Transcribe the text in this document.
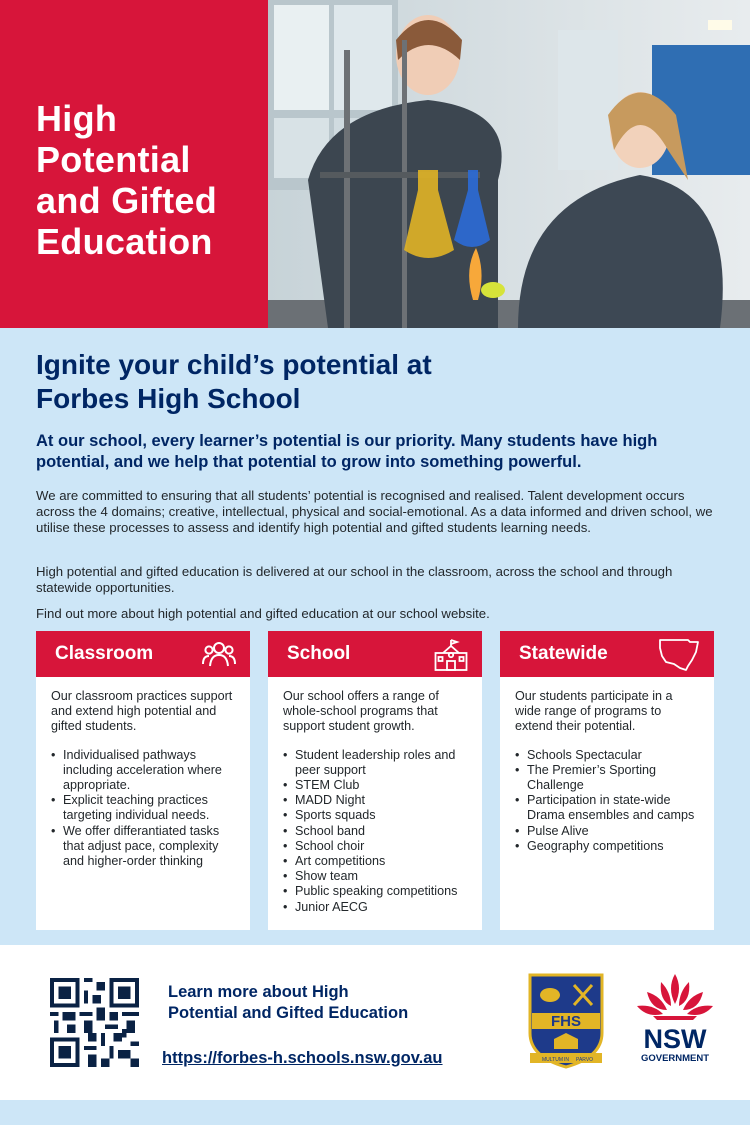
High
Potential
and Gifted
Education
Ignite your child’s potential at
Forbes High School
At our school, every learner’s potential is our priority. Many students have high potential, and we help that potential to grow into something powerful.
We are committed to ensuring that all students’ potential is recognised and realised. Talent development occurs across the 4 domains; creative, intellectual, physical and social-emotional. As a data informed and driven school, we utilise these processes to assess and identify high potential and gifted students learning needs.
High potential and gifted education is delivered at our school in the classroom, across the school and through statewide opportunities.
Find out more about high potential and gifted education at our school website.
Classroom
Our classroom practices support and extend high potential and gifted students.
• Individualised pathways including acceleration where appropriate.
• Explicit teaching practices targeting individual needs.
• We offer differantiated tasks that adjust pace, complexity and higher-order thinking
School
Our school offers a range of whole-school programs that support student growth.
• Student leadership roles and peer support
• STEM Club
• MADD Night
• Sports squads
• School band
• School choir
• Art competitions
• Show team
• Public speaking competitions
• Junior AECG
Statewide
Our students participate in a wide range of programs to extend their potential.
• Schools Spectacular
• The Premier’s Sporting Challenge
• Participation in state-wide Drama ensembles and camps
• Pulse Alive
• Geography competitions
Learn more about High
Potential and Gifted Education
https://forbes-h.schools.nsw.gov.au
FHS
MULTUM IN PARVO
NSW
GOVERNMENT
